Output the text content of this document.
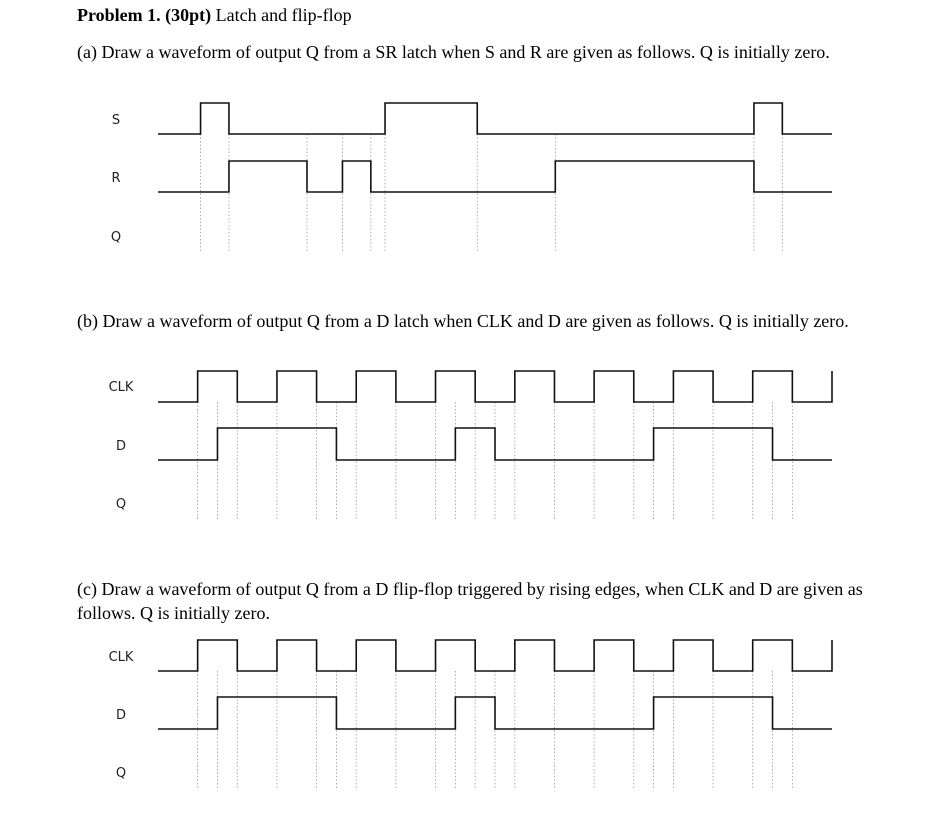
Problem 1. (30pt) Latch and flip-flop
(a) Draw a waveform of output Q from a SR latch when S and R are given as follows. Q is initially zero.
(b) Draw a waveform of output Q from a D latch when CLK and D are given as follows. Q is initially zero.
(c) Draw a waveform of output Q from a D flip-flop triggered by rising edges, when CLK and D are given as follows. Q is initially zero.
S
R
Q
CLK
D
Q
CLK
D
Q
